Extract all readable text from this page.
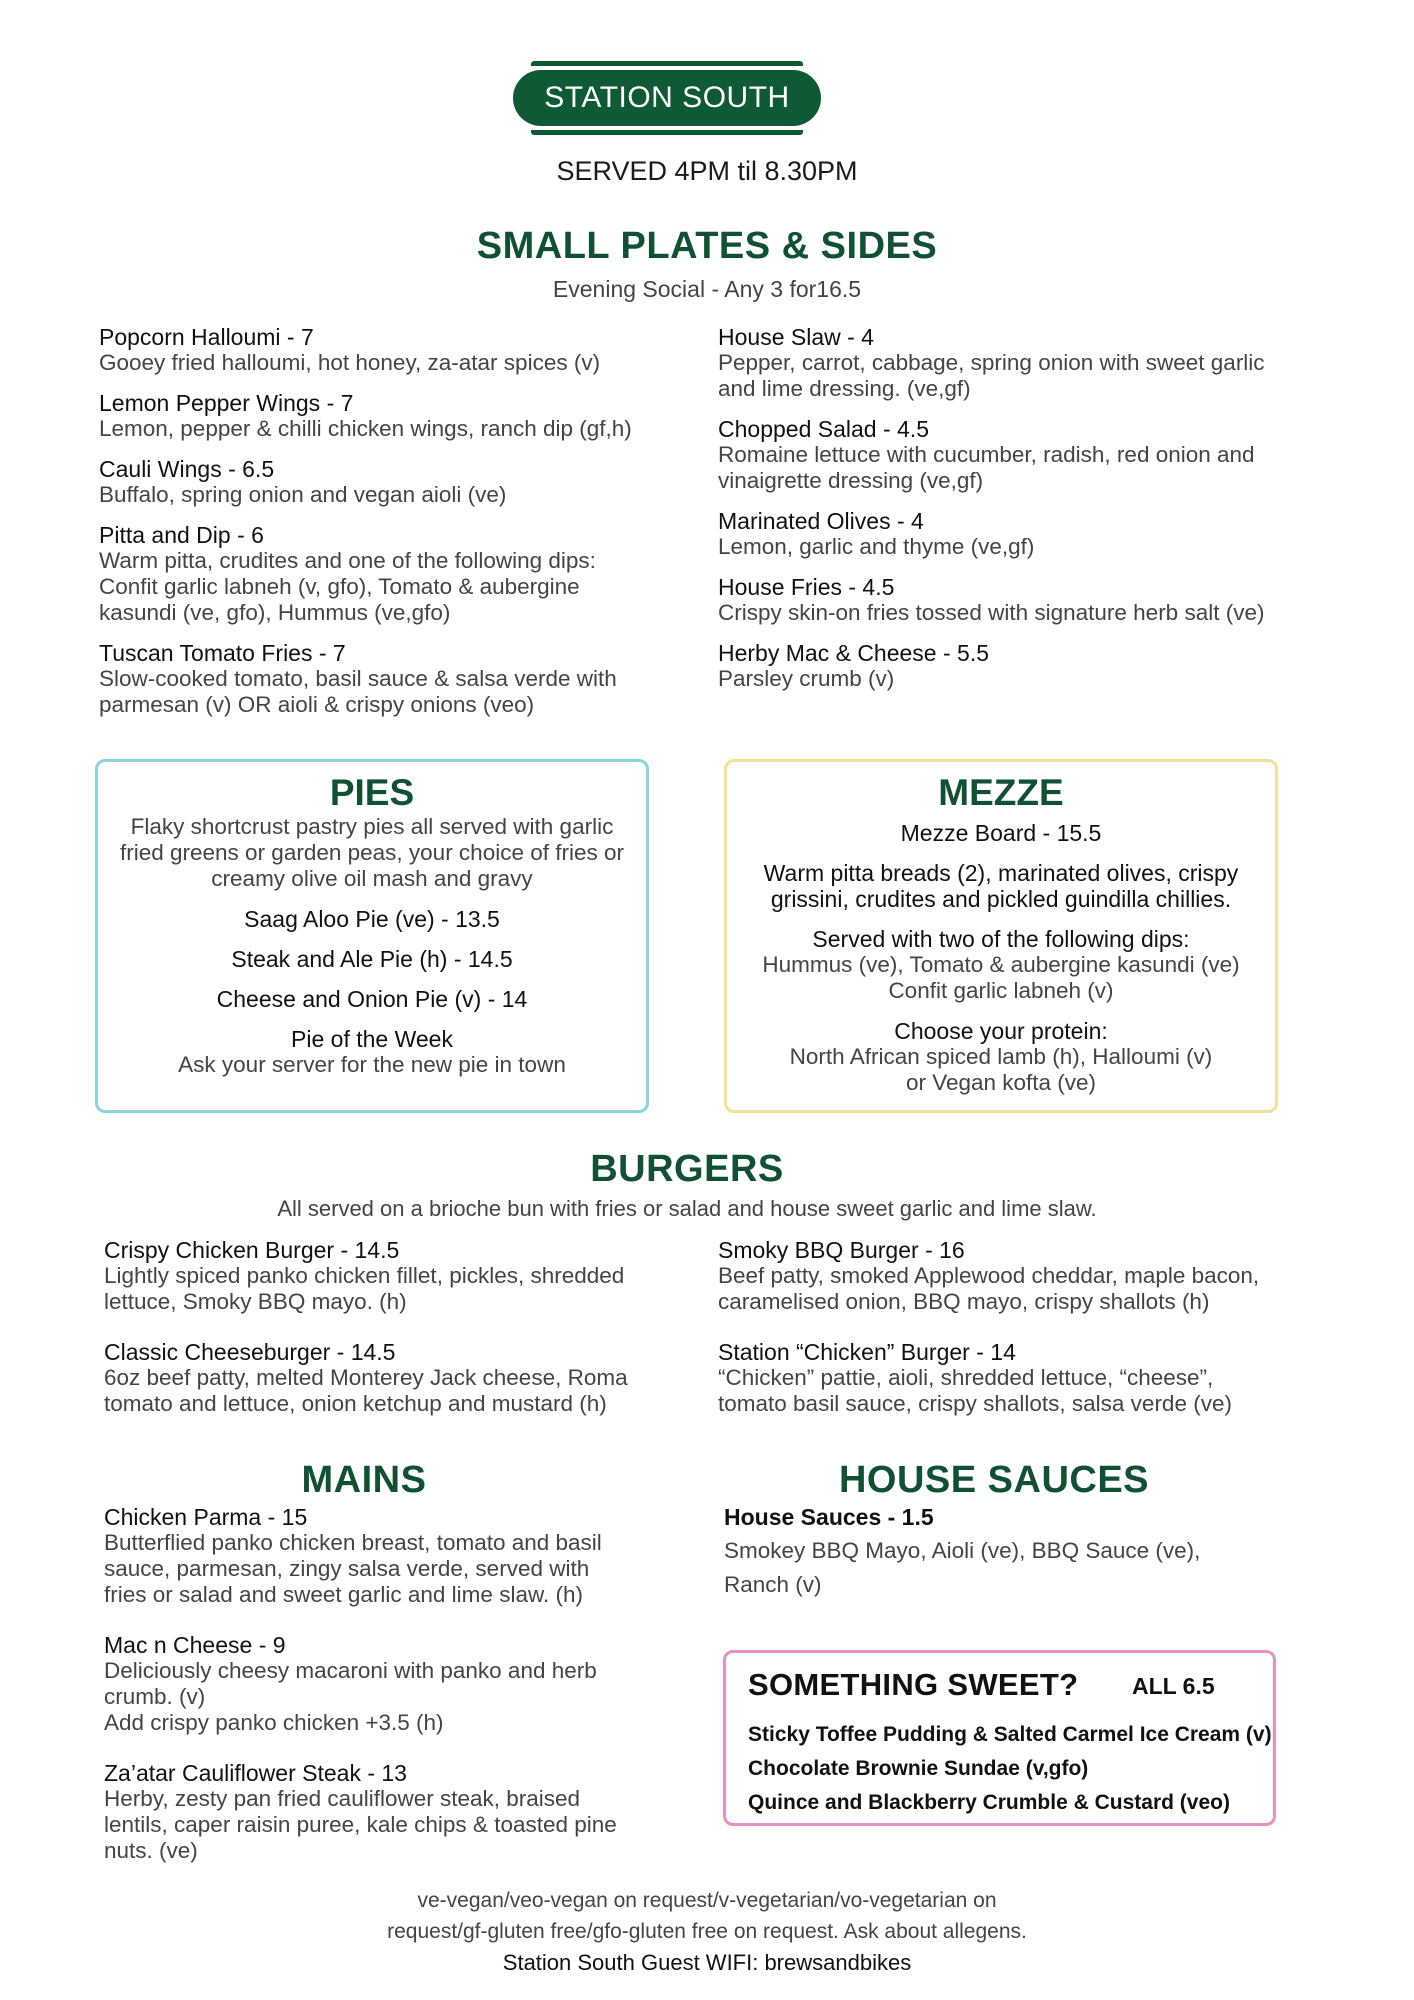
STATION SOUTH
SERVED 4PM til 8.30PM
SMALL PLATES & SIDES
Evening Social - Any 3 for16.5
Popcorn Halloumi - 7
Gooey fried halloumi, hot honey, za-atar spices (v)
Lemon Pepper Wings - 7
Lemon, pepper & chilli chicken wings, ranch dip (gf,h)
Cauli Wings - 6.5
Buffalo, spring onion and vegan aioli (ve)
Pitta and Dip - 6
Warm pitta, crudites and one of the following dips: Confit garlic labneh (v, gfo), Tomato & aubergine kasundi (ve, gfo), Hummus (ve,gfo)
Tuscan Tomato Fries - 7
Slow-cooked tomato, basil sauce & salsa verde with parmesan (v) OR aioli & crispy onions (veo)
House Slaw - 4
Pepper, carrot, cabbage, spring onion with sweet garlic and lime dressing. (ve,gf)
Chopped Salad - 4.5
Romaine lettuce with cucumber, radish, red onion and vinaigrette dressing (ve,gf)
Marinated Olives - 4
Lemon, garlic and thyme (ve,gf)
House Fries - 4.5
Crispy skin-on fries tossed with signature herb salt (ve)
Herby Mac & Cheese - 5.5
Parsley crumb (v)
PIES
Flaky shortcrust pastry pies all served with garlic fried greens or garden peas, your choice of fries or creamy olive oil mash and gravy
Saag Aloo Pie (ve) - 13.5
Steak and Ale Pie (h) - 14.5
Cheese and Onion Pie (v) - 14
Pie of the Week
Ask your server for the new pie in town
MEZZE
Mezze Board - 15.5
Warm pitta breads (2), marinated olives, crispy grissini, crudites and pickled guindilla chillies.
Served with two of the following dips:
Hummus (ve), Tomato & aubergine kasundi (ve)
Confit garlic labneh (v)
Choose your protein:
North African spiced lamb (h), Halloumi (v)
or Vegan kofta (ve)
BURGERS
All served on a brioche bun with fries or salad and house sweet garlic and lime slaw.
Crispy Chicken Burger - 14.5
Lightly spiced panko chicken fillet, pickles, shredded lettuce, Smoky BBQ mayo. (h)
Classic Cheeseburger - 14.5
6oz beef patty, melted Monterey Jack cheese, Roma tomato and lettuce, onion ketchup and mustard (h)
Smoky BBQ Burger - 16
Beef patty, smoked Applewood cheddar, maple bacon, caramelised onion, BBQ mayo, crispy shallots (h)
Station “Chicken” Burger - 14
“Chicken” pattie, aioli, shredded lettuce, “cheese”, tomato basil sauce, crispy shallots, salsa verde (ve)
MAINS
Chicken Parma - 15
Butterflied panko chicken breast, tomato and basil sauce, parmesan, zingy salsa verde, served with fries or salad and sweet garlic and lime slaw. (h)
Mac n Cheese - 9
Deliciously cheesy macaroni with panko and herb crumb. (v)
Add crispy panko chicken +3.5 (h)
Za’atar Cauliflower Steak - 13
Herby, zesty pan fried cauliflower steak, braised lentils, caper raisin puree, kale chips & toasted pine nuts. (ve)
HOUSE SAUCES
House Sauces - 1.5
Smokey BBQ Mayo, Aioli (ve), BBQ Sauce (ve),
Ranch (v)
SOMETHING SWEET? ALL 6.5
Sticky Toffee Pudding & Salted Carmel Ice Cream (v)
Chocolate Brownie Sundae (v,gfo)
Quince and Blackberry Crumble & Custard (veo)
ve-vegan/veo-vegan on request/v-vegetarian/vo-vegetarian on
request/gf-gluten free/gfo-gluten free on request. Ask about allegens.
Station South Guest WIFI: brewsandbikes
